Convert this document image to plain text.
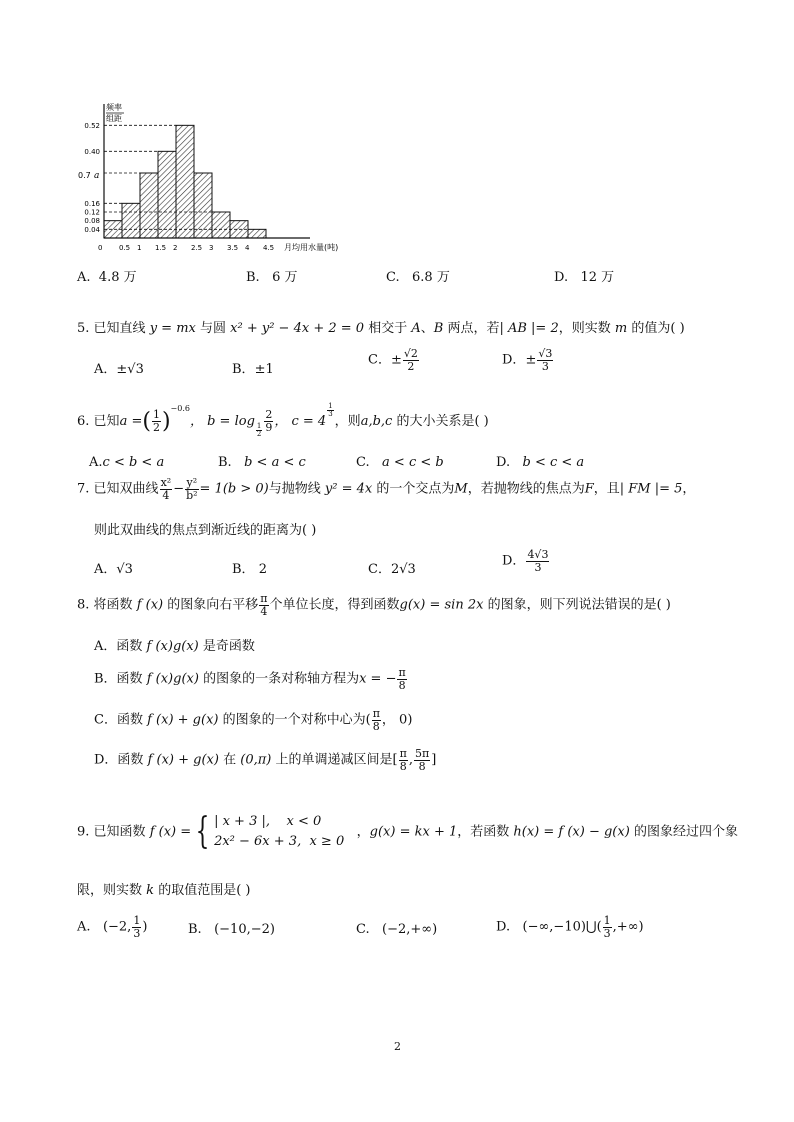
频率
组距
0.52
0.40
0.16
0.12
0.08
0.04
0.7 a
0 0.5 1 1.5 2 2.5 3 3.5 4 4.5 月均用水量(吨)
A. 4.8 万	B. 6 万	C. 6.8 万	D. 12 万
5. 已知直线 y = mx 与圆 x² + y² − 4x + 2 = 0 相交于 A、B 两点，若| AB |= 2，则实数 m 的值为( )
A．±√3	B．±1
C．± $\frac{√2}{2}$	D．± $\frac{√3}{3}$
6. 已知a =( $\frac{1}{2} )^{-0.6}$， b = log
$_{\frac{1}{2}} \frac{2}{9}$ ， c = 4
$^{\frac{1}{3}}$
，则a,b,c 的大小关系是( )
A.c < b < a	B. b < a < c	C. a < c < b	D. b < c < a
7. 已知双曲线 $\frac{\text{x²}}{4} - \frac{\text{y²}}{\text{b²}} = 1(b > 0)$与抛物线 y² = 4x 的一个交点为M，若抛物线的焦点为F，且| FM |= 5，
则此双曲线的焦点到渐近线的距离为( )
A．√3	B． 2	C．2√3
D． $\frac{4√3}{3}$
8. 将函数 f (x) 的图象向右平移 $\frac{\pi}{4}$ 个单位长度，得到函数g(x) = sin 2x 的图象，则下列说法错误的是( )
A．函数 f (x)g(x) 是奇函数
B．函数 f (x)g(x) 的图象的一条对称轴方程为x = − $\frac{\pi}{8}$
C．函数 f (x) + g(x) 的图象的一个对称中心为( $\frac{\pi}{8}$ ， 0)
D．函数 f (x) + g(x) 在 (0,π) 上的单调递减区间是[ $\frac{\pi}{8}$ , $\frac{5\pi}{8}$ ]
9. 已知函数 f (x) = { | x + 3 |, x < 0
2x² − 6x + 3, x ≥ 0
，g(x) = kx + 1，若函数 h(x) = f (x) − g(x) 的图象经过四个象
限，则实数 k 的取值范围是( )
A. (−2, $\frac{1}{3}$ )	B. (−10,−2)	C. (−2,+∞)	D. (−∞,−10)⋃( $\frac{1}{3}$ ,+∞)
2
